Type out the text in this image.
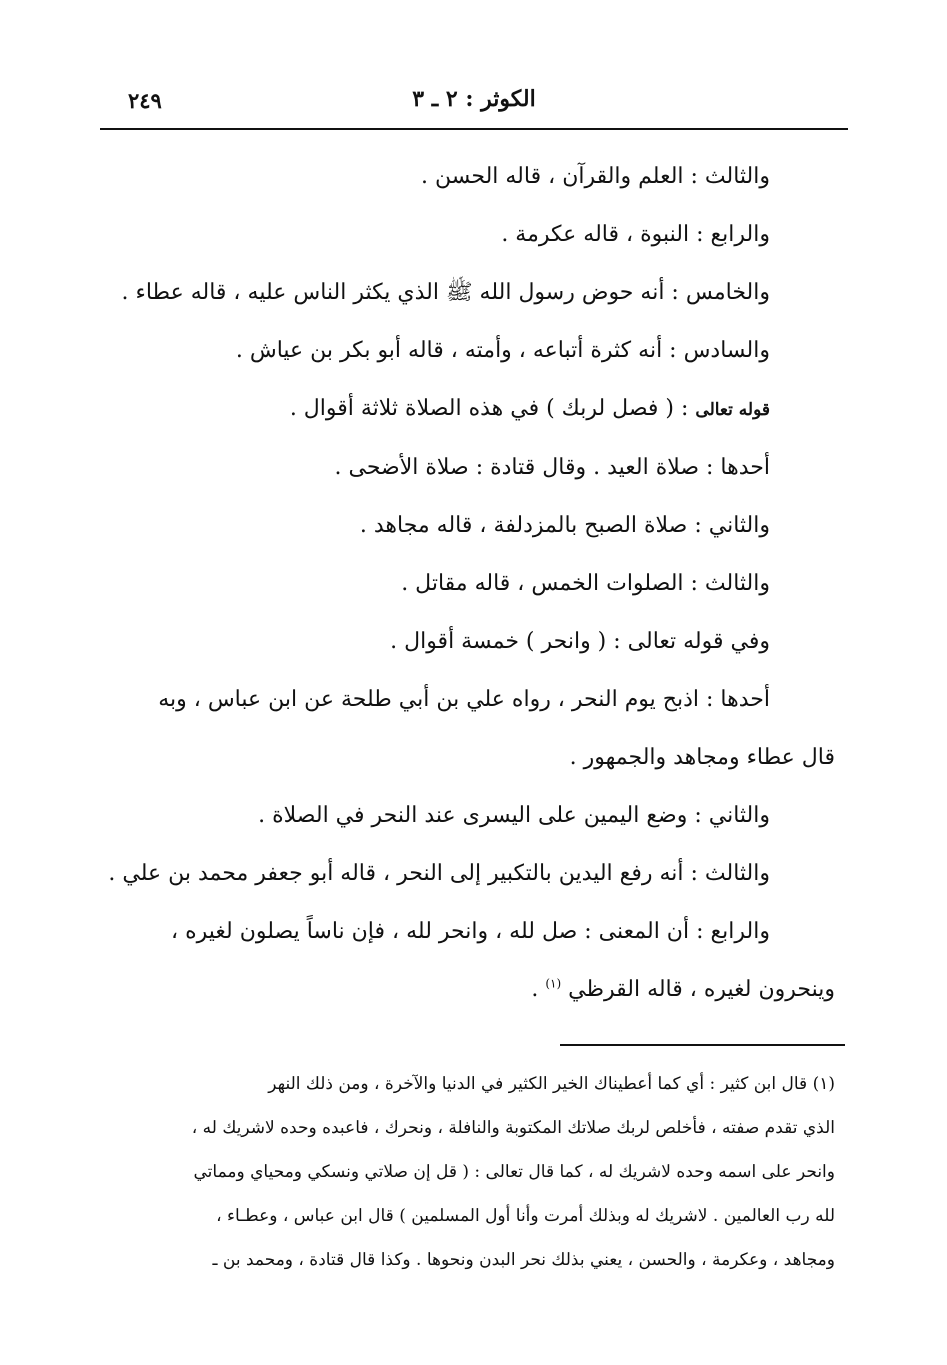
الكوثر : ٢ ـ ٣
٢٤٩
والثالث : العلم والقرآن ، قاله الحسن .
والرابع : النبوة ، قاله عكرمة .
والخامس : أنه حوض رسول الله ﷺ الذي يكثر الناس عليه ، قاله عطاء .
والسادس : أنه كثرة أتباعه ، وأمته ، قاله أبو بكر بن عياش .
قوله تعالى : ( فصل لربك ) في هذه الصلاة ثلاثة أقوال .
أحدها : صلاة العيد . وقال قتادة : صلاة الأضحى .
والثاني : صلاة الصبح بالمزدلفة ، قاله مجاهد .
والثالث : الصلوات الخمس ، قاله مقاتل .
وفي قوله تعالى : ( وانحر ) خمسة أقوال .
أحدها : اذبح يوم النحر ، رواه علي بن أبي طلحة عن ابن عباس ، وبه
قال عطاء ومجاهد والجمهور .
والثاني : وضع اليمين على اليسرى عند النحر في الصلاة .
والثالث : أنه رفع اليدين بالتكبير إلى النحر ، قاله أبو جعفر محمد بن علي .
والرابع : أن المعنى : صل لله ، وانحر لله ، فإن ناساً يصلون لغيره ،
وينحرون لغيره ، قاله القرظي $^{(١)}$ .
(١) قال ابن كثير : أي كما أعطيناك الخير الكثير في الدنيا والآخرة ، ومن ذلك النهر
الذي تقدم صفته ، فأخلص لربك صلاتك المكتوبة والنافلة ، ونحرك ، فاعبده وحده لاشريك له ،
وانحر على اسمه وحده لاشريك له ، كما قال تعالى : ( قل إن صلاتي ونسكي ومحياي ومماتي
لله رب العالمين . لاشريك له وبذلك أمرت وأنا أول المسلمين ) قال ابن عباس ، وعطـاء ،
ومجاهد ، وعكرمة ، والحسن ، يعني بذلك نحر البدن ونحوها . وكذا قال قتادة ، ومحمد بن ـ
